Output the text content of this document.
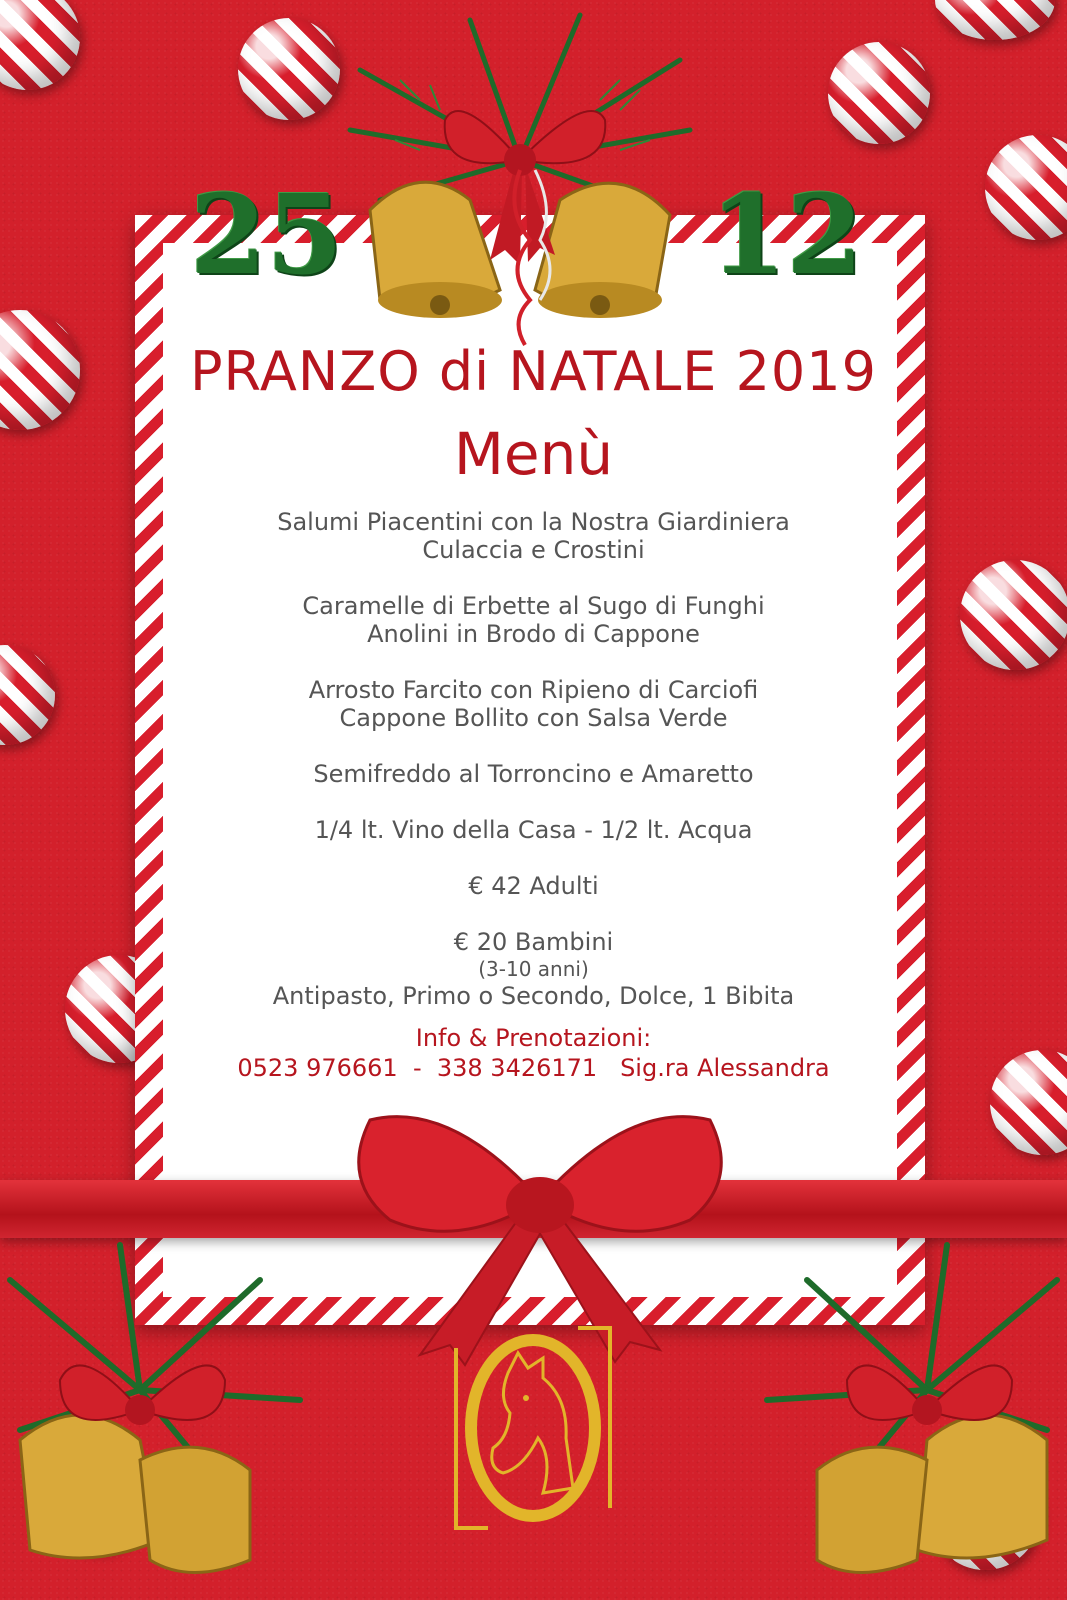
25	12
PRANZO di NATALE 2019
Menù
Salumi Piacentini con la Nostra Giardiniera
Culaccia e Crostini
Caramelle di Erbette al Sugo di Funghi
Anolini in Brodo di Cappone
Arrosto Farcito con Ripieno di Carciofi
Cappone Bollito con Salsa Verde
Semifreddo al Torroncino e Amaretto
1/4 lt. Vino della Casa - 1/2 lt. Acqua
€ 42 Adulti
€ 20 Bambini
(3-10 anni)
Antipasto, Primo o Secondo, Dolce, 1 Bibita
Info & Prenotazioni:
0523 976661  -  338 3426171   Sig.ra Alessandra
